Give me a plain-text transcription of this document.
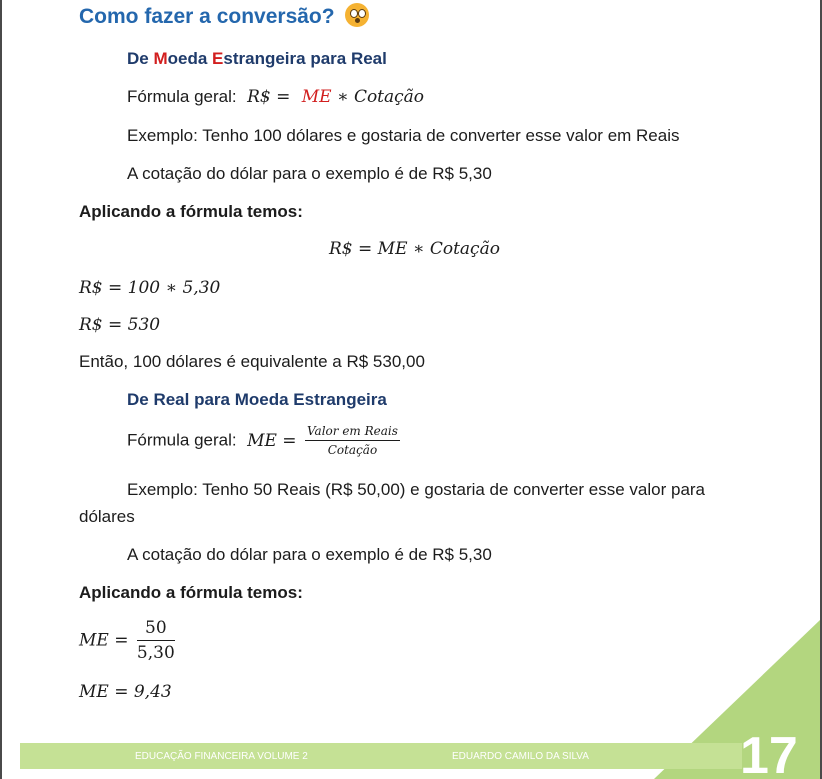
Como fazer a conversão?
De Moeda Estrangeira para Real
Fórmula geral: R$ = ME ∗ Cotação
Exemplo: Tenho 100 dólares e gostaria de converter esse valor em Reais
A cotação do dólar para o exemplo é de R$ 5,30
Aplicando a fórmula temos:
R$ = ME ∗ Cotação
R$ = 100 ∗ 5,30
R$ = 530
Então, 100 dólares é equivalente a R$ 530,00
De Real para Moeda Estrangeira
Fórmula geral: ME = $\frac{\text{Valor em Reais}}{\text{Cotação}}$
Exemplo: Tenho 50 Reais (R$ 50,00) e gostaria de converter esse valor para
dólares
A cotação do dólar para o exemplo é de R$ 5,30
Aplicando a fórmula temos:
ME = $\frac{50}{5,30}$
ME = 9,43
EDUCAÇÃO FINANCEIRA VOLUME 2	EDUARDO CAMILO DA SILVA	17
